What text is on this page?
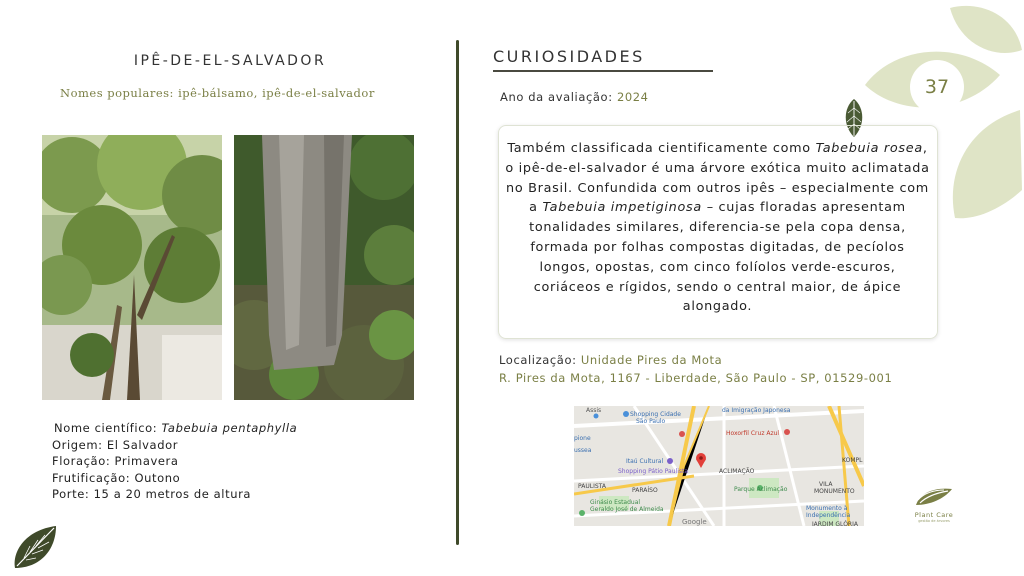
37
IPÊ-DE-EL-SALVADOR
Nomes populares: ipê-bálsamo, ipê-de-el-salvador
Nome científico: Tabebuia pentaphylla
Origem: El Salvador
Floração: Primavera
Frutificação: Outono
Porte: 15 a 20 metros de altura
CURIOSIDADES
Ano da avaliação: 2024
Também classificada cientificamente como Tabebuia rosea, o ipê-de-el-salvador é uma árvore exótica muito aclimatada no Brasil. Confundida com outros ipês – especialmente com a Tabebuia impetiginosa – cujas floradas apresentam tonalidades similares, diferencia-se pela copa densa, formada por folhas compostas digitadas, de pecíolos longos, opostas, com cinco folíolos verde-escuros, coriáceos e rígidos, sendo o central maior, de ápice alongado.
Localização: Unidade Pires da Mota
R. Pires da Mota, 1167 - Liberdade, São Paulo - SP, 01529-001
Assis
Shopping Cidade
São Paulo
da Imigração Japonesa
Hoxorfil Cruz Azul
pione
ussea
Itaú Cultural
Shopping Pátio Paulista	ACLIMAÇÃO
KOMPL
PAULISTA
PARAÍSO	Parque Aclimação
VILA
MONUMENTO
Ginásio Estadual
Geraldo José de Almeida	Monumento à
Independência
JARDIM GLÓRIA
Google
Plant Care
gestão de árvores
